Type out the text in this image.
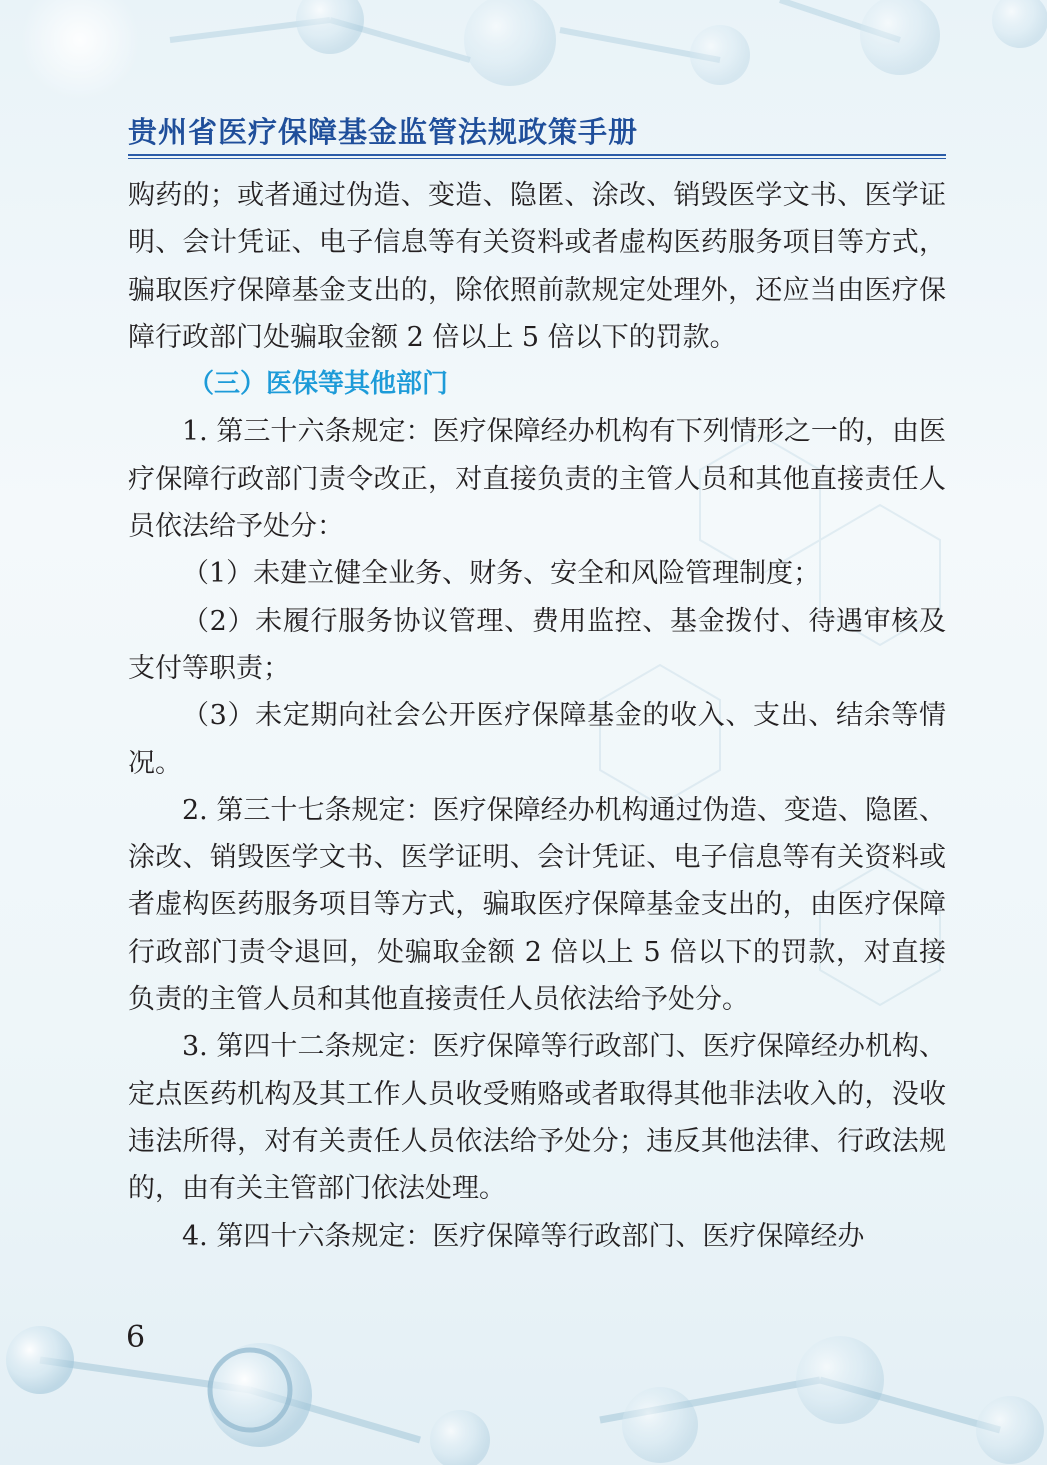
贵州省医疗保障基金监管法规政策手册

购药的；或者通过伪造、变造、隐匿、涂改、销毁医学文书、医学证明、会计凭证、电子信息等有关资料或者虚构医药服务项目等方式，骗取医疗保障基金支出的，除依照前款规定处理外，还应当由医疗保障行政部门处骗取金额 2 倍以上 5 倍以下的罚款。

（三）医保等其他部门

1. 第三十六条规定：医疗保障经办机构有下列情形之一的，由医疗保障行政部门责令改正，对直接负责的主管人员和其他直接责任人员依法给予处分：

（1）未建立健全业务、财务、安全和风险管理制度；

（2）未履行服务协议管理、费用监控、基金拨付、待遇审核及支付等职责；

（3）未定期向社会公开医疗保障基金的收入、支出、结余等情况。

2. 第三十七条规定：医疗保障经办机构通过伪造、变造、隐匿、涂改、销毁医学文书、医学证明、会计凭证、电子信息等有关资料或者虚构医药服务项目等方式，骗取医疗保障基金支出的，由医疗保障行政部门责令退回，处骗取金额 2 倍以上 5 倍以下的罚款，对直接负责的主管人员和其他直接责任人员依法给予处分。

3. 第四十二条规定：医疗保障等行政部门、医疗保障经办机构、定点医药机构及其工作人员收受贿赂或者取得其他非法收入的，没收违法所得，对有关责任人员依法给予处分；违反其他法律、行政法规的，由有关主管部门依法处理。

4. 第四十六条规定：医疗保障等行政部门、医疗保障经办

6
